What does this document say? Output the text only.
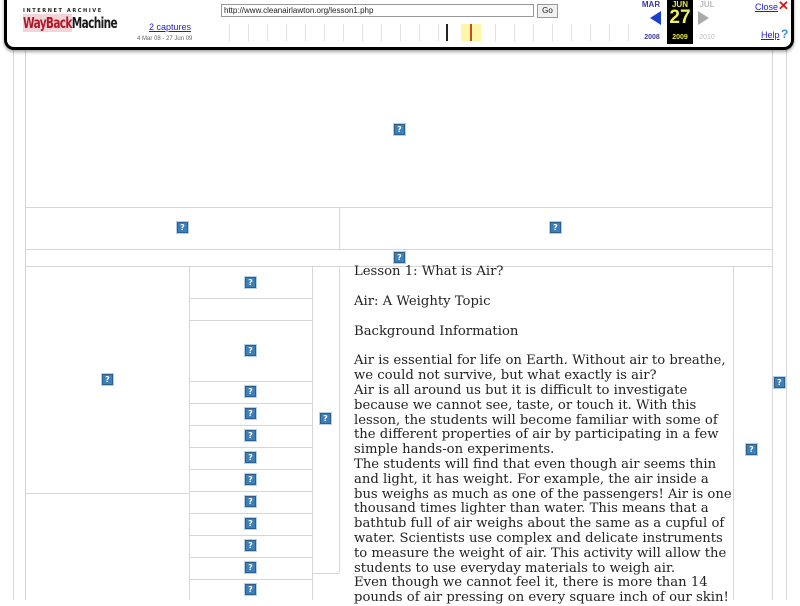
INTERNET ARCHIVE
WayBackMachine	2 captures
4 Mar 08 - 27 Jun 09
http://www.cleanairlawton.org/lesson1.php	Go
MAR	JUN	JUL
27
2008	2009	2010
Close ✕
Help ?
?
?	?
?
?
?
?
?
?
?
?
?
?
?
?
?
?
?
?
?

Lesson 1: What is Air?

Air: A Weighty Topic

Background Information

Air is essential for life on Earth. Without air to breathe, we could not survive, but what exactly is air?

Air is all around us but it is difficult to investigate because we cannot see, taste, or touch it. With this lesson, the students will become familiar with some of the different properties of air by participating in a few simple hands-on experiments.

The students will find that even though air seems thin and light, it has weight. For example, the air inside a bus weighs as much as one of the passengers! Air is one thousand times lighter than water. This means that a bathtub full of air weighs about the same as a cupful of water. Scientists use complex and delicate instruments to measure the weight of air. This activity will allow the students to use everyday materials to weigh air.

Even though we cannot feel it, there is more than 14 pounds of air pressing on every square inch of our skin!
